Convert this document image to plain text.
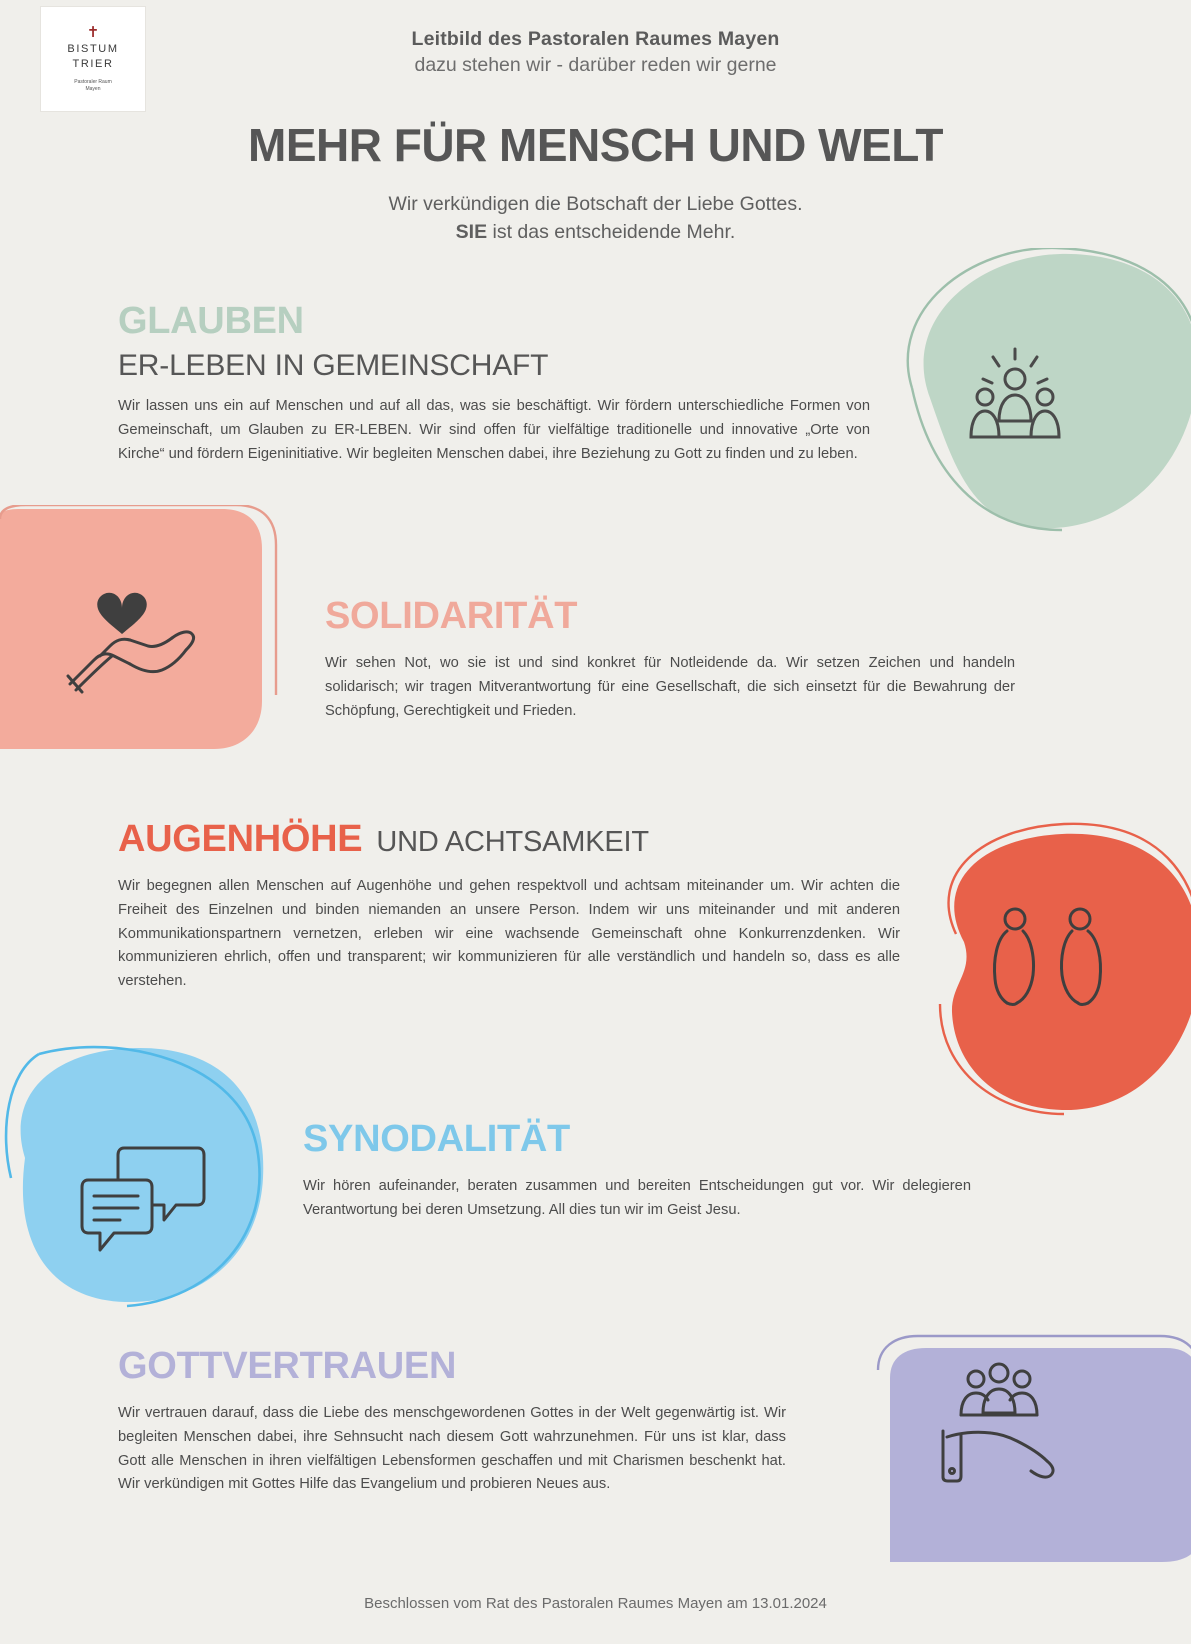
✝
BISTUM
TRIER
Pastoraler Raum
Mayen
Leitbild des Pastoralen Raumes Mayen
dazu stehen wir - darüber reden wir gerne
MEHR FÜR MENSCH UND WELT
Wir verkündigen die Botschaft der Liebe Gottes.
SIE ist das entscheidende Mehr.
GLAUBEN
ER-LEBEN IN GEMEINSCHAFT
Wir lassen uns ein auf Menschen und auf all das, was sie beschäftigt. Wir fördern unterschiedliche Formen von Gemeinschaft, um Glauben zu ER-LEBEN. Wir sind offen für vielfältige traditionelle und innovative „Orte von Kirche“ und fördern Eigeninitiative. Wir begleiten Menschen dabei, ihre Beziehung zu Gott zu finden und zu leben.
SOLIDARITÄT
Wir sehen Not, wo sie ist und sind konkret für Notleidende da. Wir setzen Zeichen und handeln solidarisch; wir tragen Mitverantwortung für eine Gesellschaft, die sich einsetzt für die Bewahrung der Schöpfung, Gerechtigkeit und Frieden.
AUGENHÖHE UND ACHTSAMKEIT
Wir begegnen allen Menschen auf Augenhöhe und gehen respektvoll und achtsam miteinander um. Wir achten die Freiheit des Einzelnen und binden niemanden an unsere Person. Indem wir uns miteinander und mit anderen Kommunikationspartnern vernetzen, erleben wir eine wachsende Gemeinschaft ohne Konkurrenzdenken. Wir kommunizieren ehrlich, offen und transparent; wir kommunizieren für alle verständlich und handeln so, dass es alle verstehen.
SYNODALITÄT
Wir hören aufeinander, beraten zusammen und bereiten Entscheidungen gut vor. Wir delegieren Verantwortung bei deren Umsetzung. All dies tun wir im Geist Jesu.
GOTTVERTRAUEN
Wir vertrauen darauf, dass die Liebe des menschgewordenen Gottes in der Welt gegenwärtig ist. Wir begleiten Menschen dabei, ihre Sehnsucht nach diesem Gott wahrzunehmen. Für uns ist klar, dass Gott alle Menschen in ihren vielfältigen Lebensformen geschaffen und mit Charismen beschenkt hat. Wir verkündigen mit Gottes Hilfe das Evangelium und probieren Neues aus.
Beschlossen vom Rat des Pastoralen Raumes Mayen am 13.01.2024
